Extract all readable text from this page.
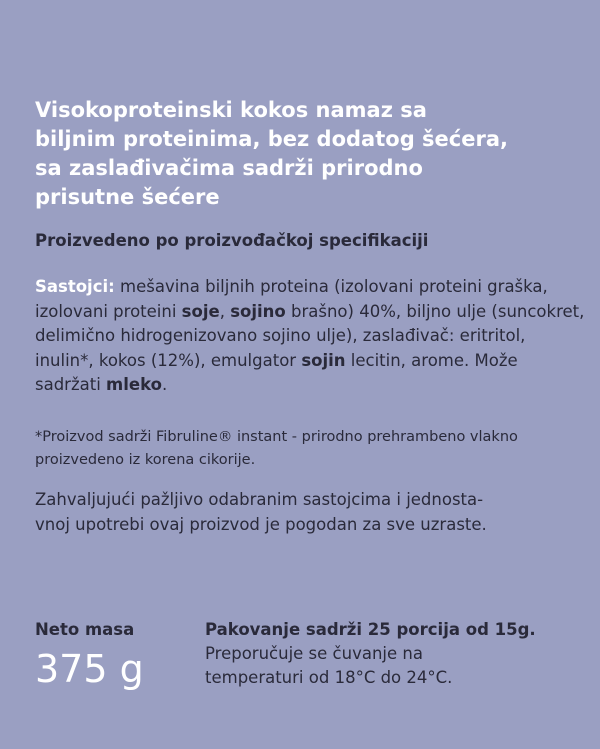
Visokoproteinski kokos namaz sa
biljnim proteinima, bez dodatog šećera,
sa zaslađivačima sadrži prirodno
prisutne šećere

Proizvedeno po proizvođačkoj specifikaciji

Sastojci: mešavina biljnih proteina (izolovani proteini graška, izolovani proteini soje, sojino brašno) 40%, biljno ulje (suncokret, delimično hidrogenizovano sojino ulje), zaslađivač: eritritol, inulin*, kokos (12%), emulgator sojin lecitin, arome. Može sadržati mleko.

*Proizvod sadrži Fibruline® instant - prirodno prehrambeno vlakno proizvedeno iz korena cikorije.

Zahvaljujući pažljivo odabranim sastojcima i jednosta-
vnoj upotrebi ovaj proizvod je pogodan za sve uzraste.

Neto masa

375 g

Pakovanje sadrži 25 porcija od 15g.
Preporučuje se čuvanje na
temperaturi od 18°C do 24°C.
